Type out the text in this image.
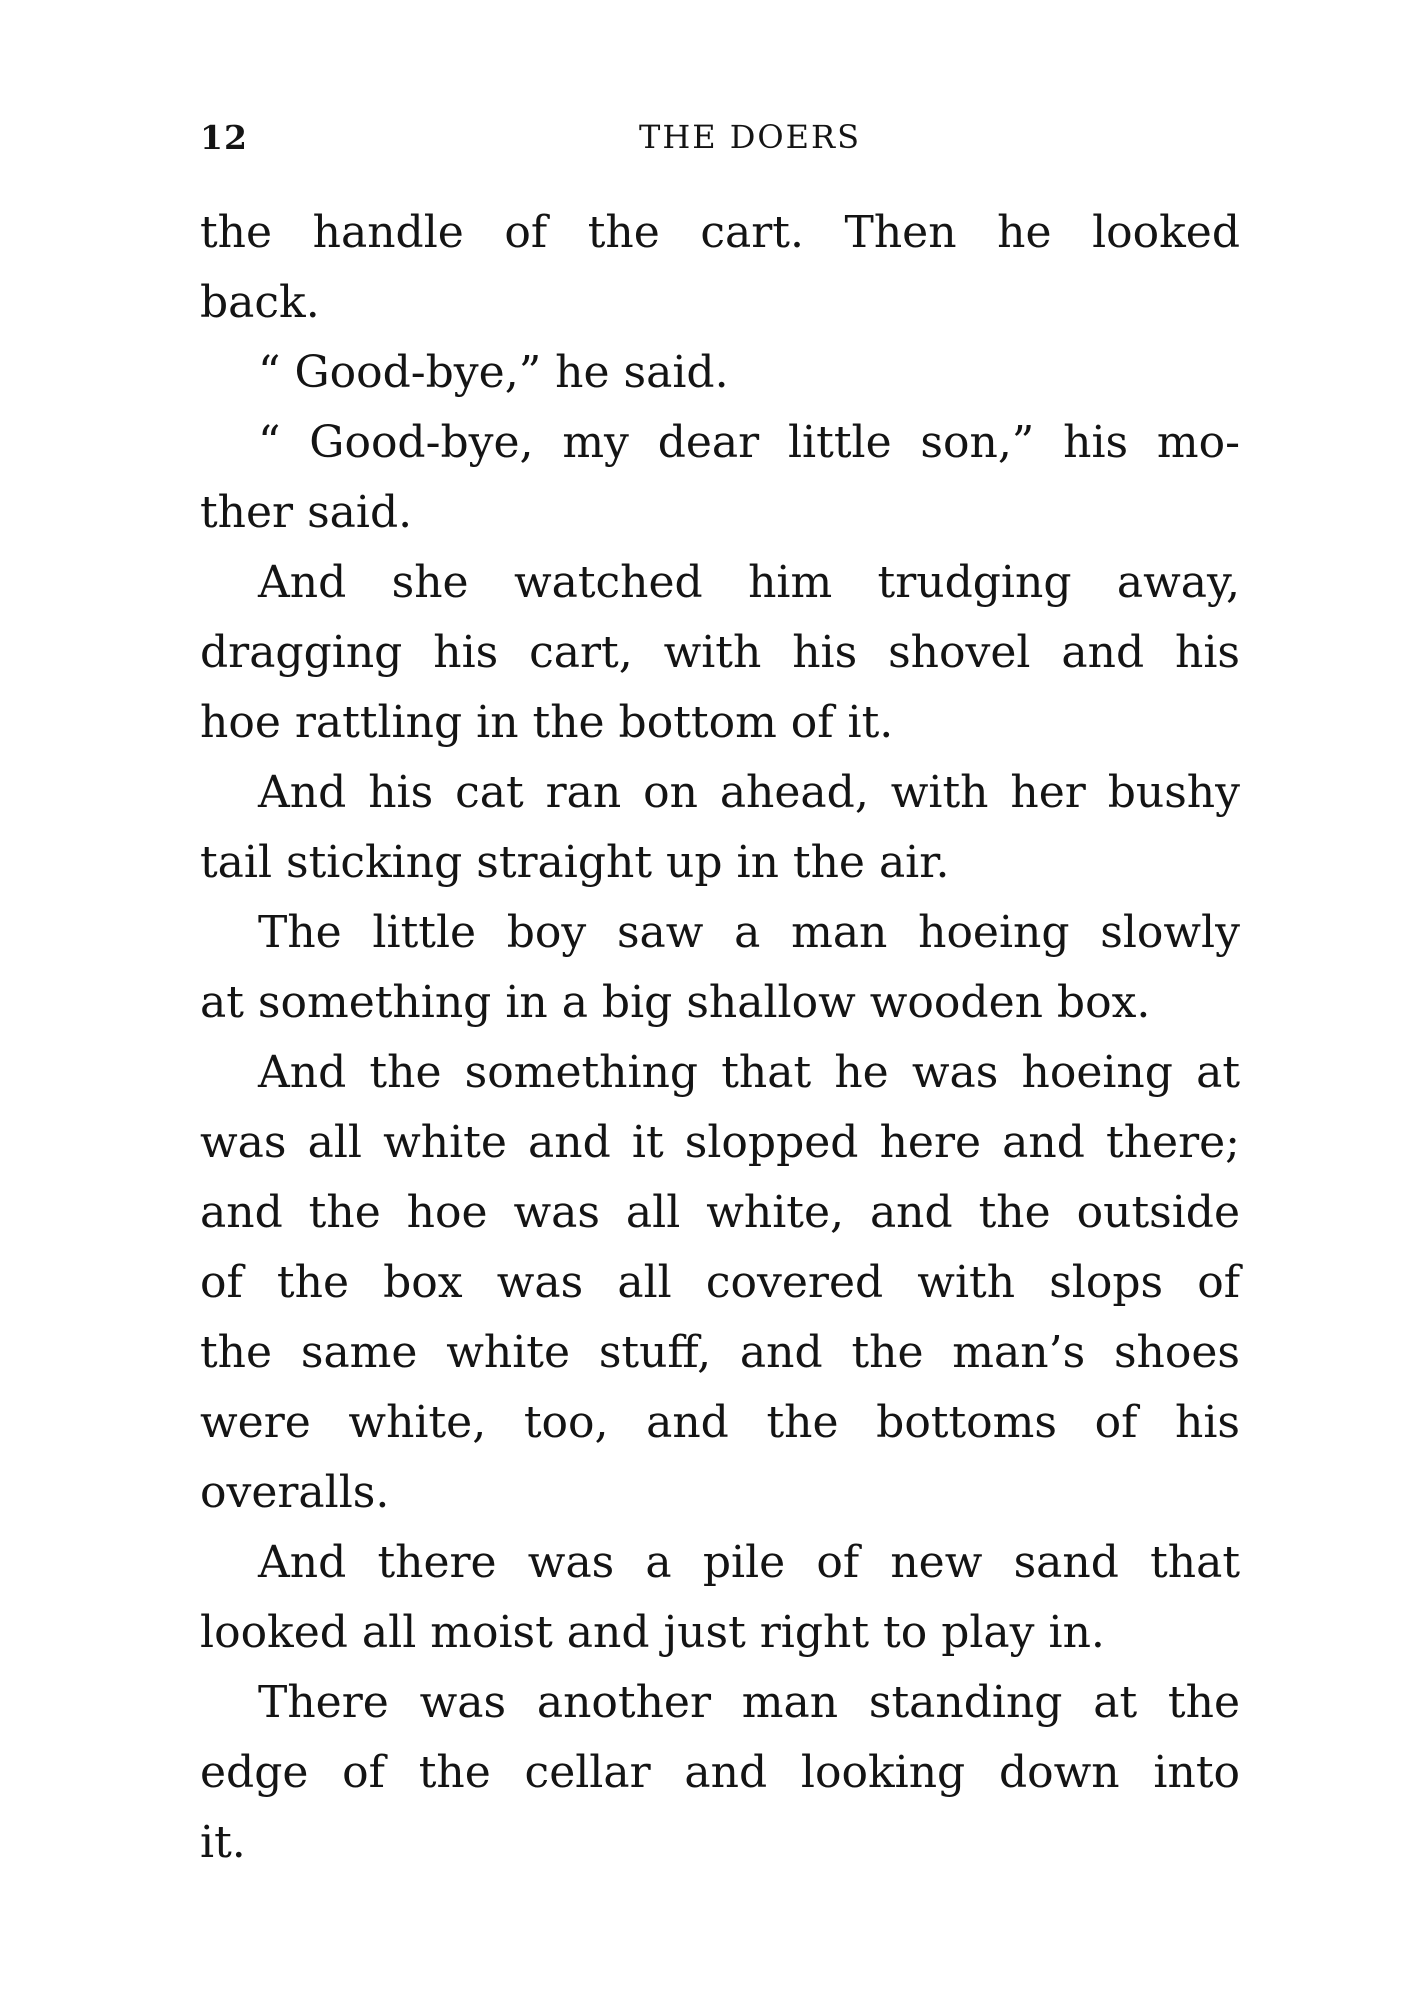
12	THE DOERS
the handle of the cart. Then he looked
back.
“ Good-bye,” he said.
“ Good-bye, my dear little son,” his mo-
ther said.
And she watched him trudging away,
dragging his cart, with his shovel and his
hoe rattling in the bottom of it.
And his cat ran on ahead, with her bushy
tail sticking straight up in the air.
The little boy saw a man hoeing slowly
at something in a big shallow wooden box.
And the something that he was hoeing at
was all white and it slopped here and there;
and the hoe was all white, and the outside
of the box was all covered with slops of
the same white stuff, and the man’s shoes
were white, too, and the bottoms of his
overalls.
And there was a pile of new sand that
looked all moist and just right to play in.
There was another man standing at the
edge of the cellar and looking down into
it.
